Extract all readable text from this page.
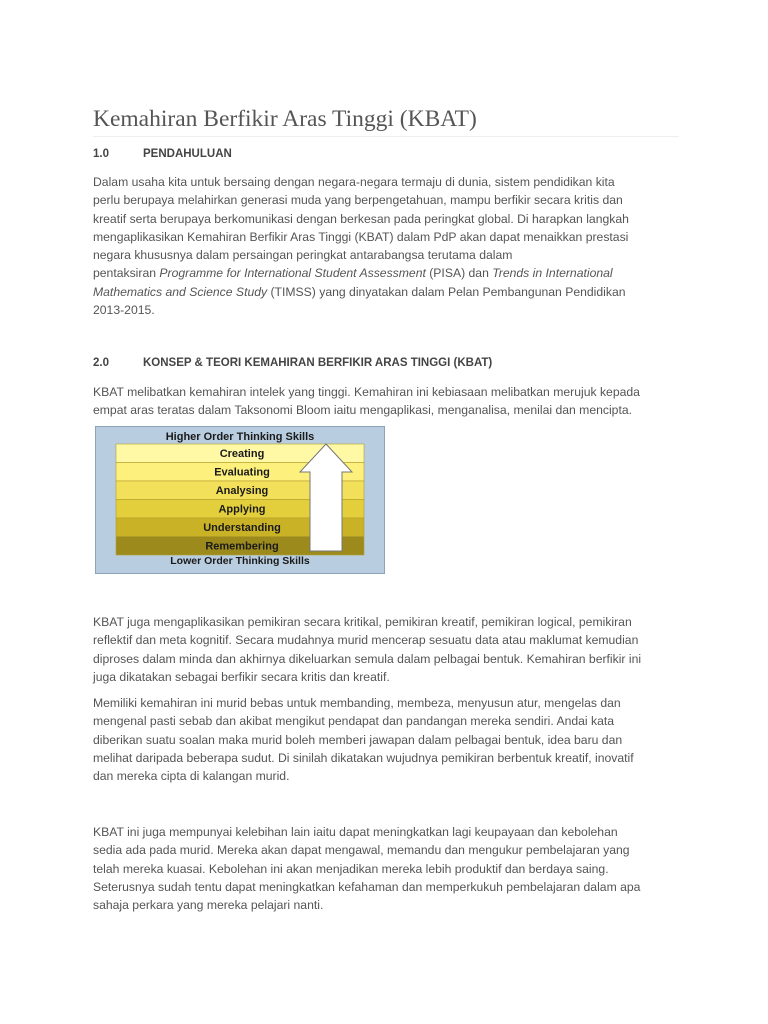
Kemahiran Berfikir Aras Tinggi (KBAT)
1.0	PENDAHULUAN
Dalam usaha kita untuk bersaing dengan negara-negara termaju di dunia, sistem pendidikan kita
perlu berupaya melahirkan generasi muda yang berpengetahuan, mampu berfikir secara kritis dan
kreatif serta berupaya berkomunikasi dengan berkesan pada peringkat global. Di harapkan langkah
mengaplikasikan Kemahiran Berfikir Aras Tinggi (KBAT) dalam PdP akan dapat menaikkan prestasi
negara khususnya dalam persaingan peringkat antarabangsa terutama dalam
pentaksiran Programme for International Student Assessment (PISA) dan Trends in International
Mathematics and Science Study (TIMSS) yang dinyatakan dalam Pelan Pembangunan Pendidikan
2013-2015.
2.0	KONSEP & TEORI KEMAHIRAN BERFIKIR ARAS TINGGI (KBAT)
KBAT melibatkan kemahiran intelek yang tinggi. Kemahiran ini kebiasaan melibatkan merujuk kepada
empat aras teratas dalam Taksonomi Bloom iaitu mengaplikasi, menganalisa, menilai dan mencipta.
Higher Order Thinking Skills
Creating
Evaluating
Analysing
Applying
Understanding
Remembering
Lower Order Thinking Skills
KBAT juga mengaplikasikan pemikiran secara kritikal, pemikiran kreatif, pemikiran logical, pemikiran
reflektif dan meta kognitif. Secara mudahnya murid mencerap sesuatu data atau maklumat kemudian
diproses dalam minda dan akhirnya dikeluarkan semula dalam pelbagai bentuk. Kemahiran berfikir ini
juga dikatakan sebagai berfikir secara kritis dan kreatif.
Memiliki kemahiran ini murid bebas untuk membanding, membeza, menyusun atur, mengelas dan
mengenal pasti sebab dan akibat mengikut pendapat dan pandangan mereka sendiri. Andai kata
diberikan suatu soalan maka murid boleh memberi jawapan dalam pelbagai bentuk, idea baru dan
melihat daripada beberapa sudut. Di sinilah dikatakan wujudnya pemikiran berbentuk kreatif, inovatif
dan mereka cipta di kalangan murid.
KBAT ini juga mempunyai kelebihan lain iaitu dapat meningkatkan lagi keupayaan dan kebolehan
sedia ada pada murid. Mereka akan dapat mengawal, memandu dan mengukur pembelajaran yang
telah mereka kuasai. Kebolehan ini akan menjadikan mereka lebih produktif dan berdaya saing.
Seterusnya sudah tentu dapat meningkatkan kefahaman dan memperkukuh pembelajaran dalam apa
sahaja perkara yang mereka pelajari nanti.
